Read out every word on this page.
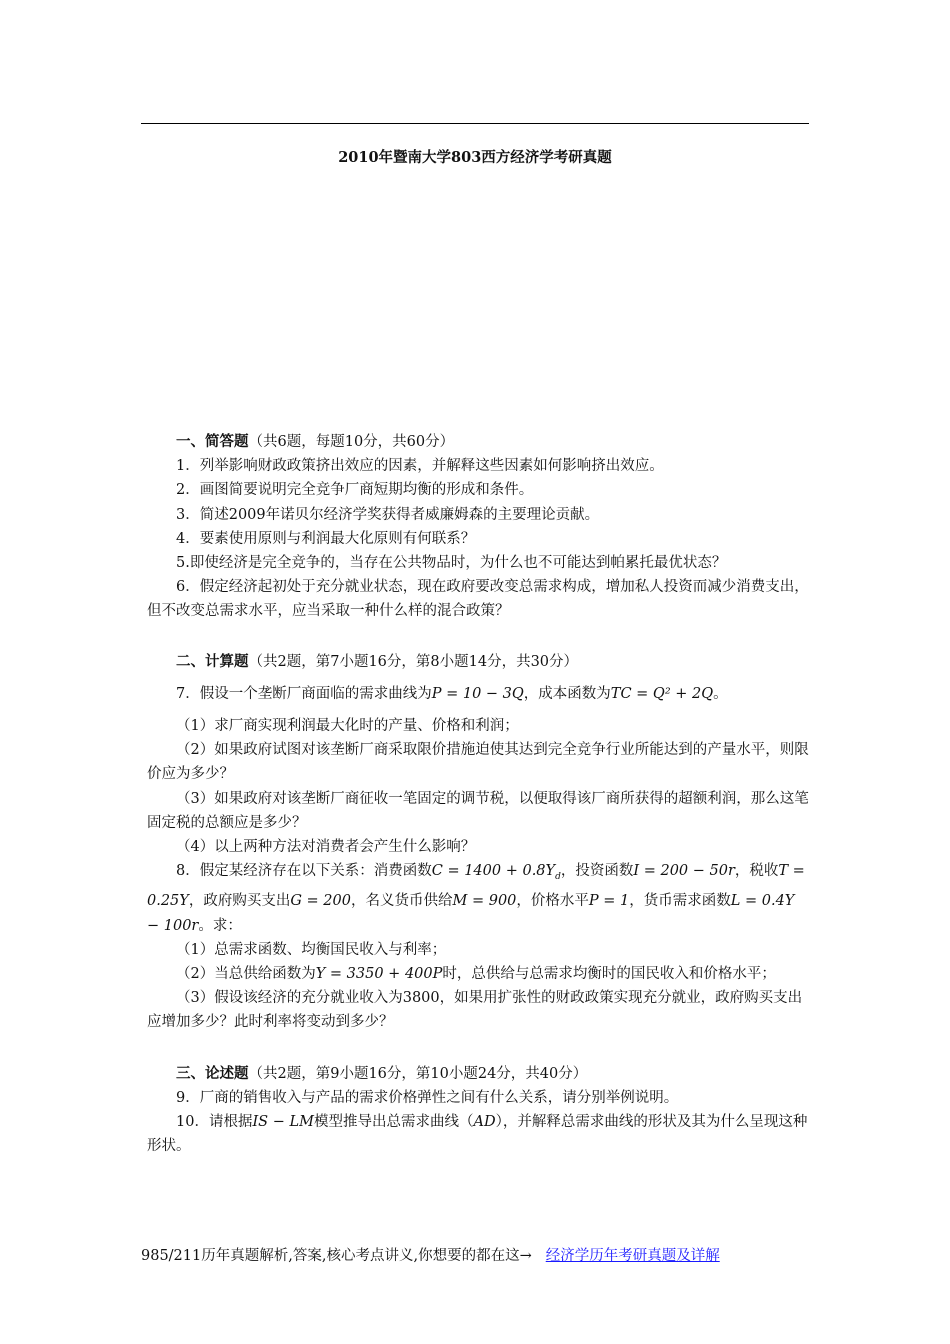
2010年暨南大学803西方经济学考研真题

一、简答题（共6题，每题10分，共60分）

1．列举影响财政政策挤出效应的因素，并解释这些因素如何影响挤出效应。

2．画图简要说明完全竞争厂商短期均衡的形成和条件。

3．简述2009年诺贝尔经济学奖获得者威廉姆森的主要理论贡献。

4．要素使用原则与利润最大化原则有何联系？

5.即使经济是完全竞争的，当存在公共物品时，为什么也不可能达到帕累托最优状态？

6．假定经济起初处于充分就业状态，现在政府要改变总需求构成，增加私人投资而减少消费支出，但不改变总需求水平，应当采取一种什么样的混合政策？

二、计算题（共2题，第7小题16分，第8小题14分，共30分）

7．假设一个垄断厂商面临的需求曲线为P = 10 − 3Q，成本函数为TC = Q² + 2Q。

（1）求厂商实现利润最大化时的产量、价格和利润；

（2）如果政府试图对该垄断厂商采取限价措施迫使其达到完全竞争行业所能达到的产量水平，则限价应为多少？

（3）如果政府对该垄断厂商征收一笔固定的调节税，以便取得该厂商所获得的超额利润，那么这笔固定税的总额应是多少？

（4）以上两种方法对消费者会产生什么影响？

8．假定某经济存在以下关系：消费函数$C = 1400 + 0.8Y_d$，投资函数I = 200 − 50r，税收T = 0.25Y，政府购买支出G = 200，名义货币供给M = 900，价格水平P = 1，货币需求函数L = 0.4Y − 100r。求：

（1）总需求函数、均衡国民收入与利率；

（2）当总供给函数为Y = 3350 + 400P时，总供给与总需求均衡时的国民收入和价格水平；

（3）假设该经济的充分就业收入为3800，如果用扩张性的财政政策实现充分就业，政府购买支出应增加多少？此时利率将变动到多少？

三、论述题（共2题，第9小题16分，第10小题24分，共40分）

9．厂商的销售收入与产品的需求价格弹性之间有什么关系，请分别举例说明。

10．请根据IS − LM模型推导出总需求曲线（AD），并解释总需求曲线的形状及其为什么呈现这种形状。

985/211历年真题解析,答案,核心考点讲义,你想要的都在这→ 经济学历年考研真题及详解
